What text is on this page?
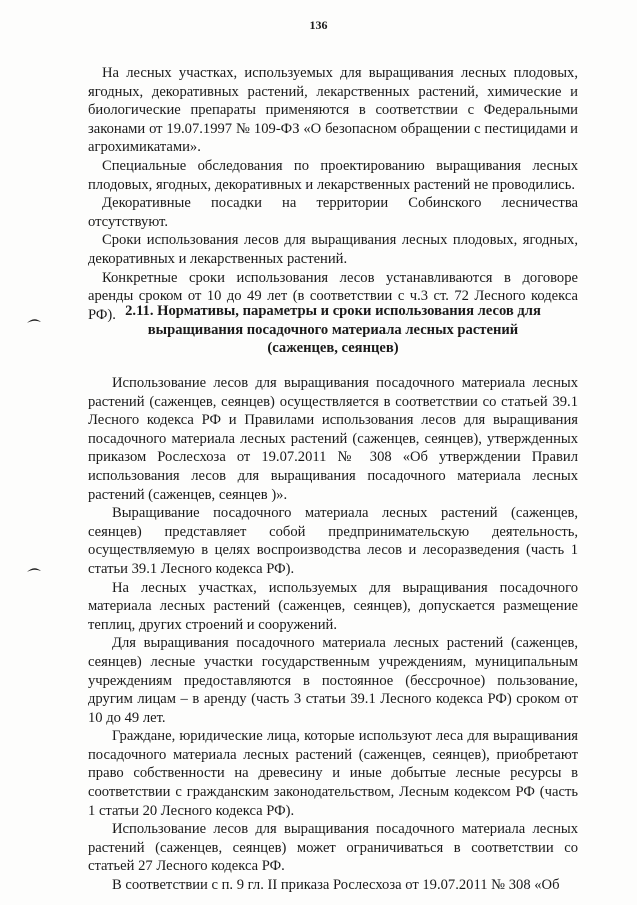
136

На лесных участках, используемых для выращивания лесных плодовых, ягодных, декоративных растений, лекарственных растений, химические и биологические препараты применяются в соответствии с Федеральными законами от 19.07.1997 № 109-ФЗ «О безопасном обращении с пестицидами и агрохимикатами».

Специальные обследования по проектированию выращивания лесных плодовых, ягодных, декоративных и лекарственных растений не проводились.

Декоративные посадки на территории Собинского лесничества отсутствуют.

Сроки использования лесов для выращивания лесных плодовых, ягодных, декоративных и лекарственных растений.

Конкретные сроки использования лесов устанавливаются в договоре аренды сроком от 10 до 49 лет (в соответствии с ч.3 ст. 72 Лесного кодекса РФ). 2.11. Нормативы, параметры и сроки использования лесов для
выращивания посадочного материала лесных растений
(саженцев, сеянцев)

Использование лесов для выращивания посадочного материала лесных растений (саженцев, сеянцев) осуществляется в соответствии со статьей 39.1 Лесного кодекса РФ и Правилами использования лесов для выращивания посадочного материала лесных растений (саженцев, сеянцев), утвержденных приказом Рослесхоза от 19.07.2011 № 308 «Об утверждении Правил использования лесов для выращивания посадочного материала лесных растений (саженцев, сеянцев )».

Выращивание посадочного материала лесных растений (саженцев, сеянцев) представляет собой предпринимательскую деятельность, осуществляемую в целях воспроизводства лесов и лесоразведения (часть 1 статьи 39.1 Лесного кодекса РФ).

На лесных участках, используемых для выращивания посадочного материала лесных растений (саженцев, сеянцев), допускается размещение теплиц, других строений и сооружений.

Для выращивания посадочного материала лесных растений (саженцев, сеянцев) лесные участки государственным учреждениям, муниципальным учреждениям предоставляются в постоянное (бессрочное) пользование, другим лицам – в аренду (часть 3 статьи 39.1 Лесного кодекса РФ) сроком от 10 до 49 лет.

Граждане, юридические лица, которые используют леса для выращивания посадочного материала лесных растений (саженцев, сеянцев), приобретают право собственности на древесину и иные добытые лесные ресурсы в соответствии с гражданским законодательством, Лесным кодексом РФ (часть 1 статьи 20 Лесного кодекса РФ).

Использование лесов для выращивания посадочного материала лесных растений (саженцев, сеянцев) может ограничиваться в соответствии со статьей 27 Лесного кодекса РФ.

В соответствии с п. 9 гл. II приказа Рослесхоза от 19.07.2011 № 308 «Об
